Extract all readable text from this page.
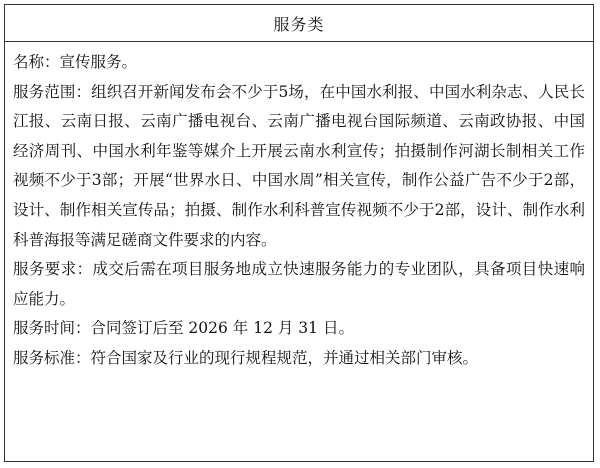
服务类

名称：宣传服务。

服务范围：组织召开新闻发布会不少于5场，在中国水利报、中国水利杂志、人民长江报、云南日报、云南广播电视台、云南广播电视台国际频道、云南政协报、中国经济周刊、中国水利年鉴等媒介上开展云南水利宣传；拍摄制作河湖长制相关工作视频不少于3部；开展“世界水日、中国水周”相关宣传，制作公益广告不少于2部，设计、制作相关宣传品；拍摄、制作水利科普宣传视频不少于2部，设计、制作水利科普海报等满足磋商文件要求的内容。

服务要求：成交后需在项目服务地成立快速服务能力的专业团队，具备项目快速响应能力。

服务时间：合同签订后至 2026 年 12 月 31 日。

服务标准：符合国家及行业的现行规程规范，并通过相关部门审核。
